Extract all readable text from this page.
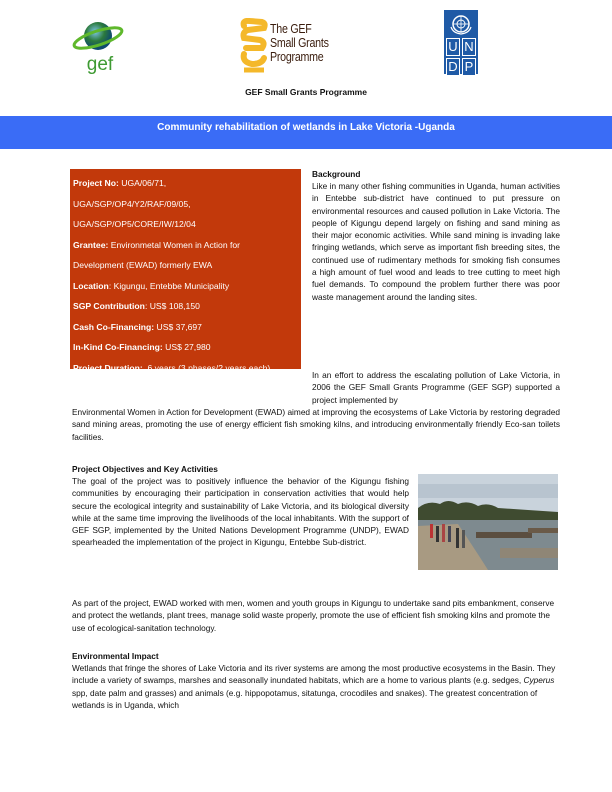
gef
The GEF
Small Grants
Programme
U N
D P
GEF Small Grants Programme
Community rehabilitation of wetlands in Lake Victoria -Uganda
Project No: UGA/06/71,
UGA/SGP/OP4/Y2/RAF/09/05,
UGA/SGP/OP5/CORE/IW/12/04
Grantee: Environmetal Women in Action for
Development (EWAD) formerly EWA
Location: Kigungu, Entebbe Municipality
SGP Contribution: US$ 108,150
Cash Co-Financing: US$ 37,697
In-Kind Co-Financing: US$ 27,980
Project Duration:  6 years (3 phases/2 years each)
Focal area: International Waters
Background
Like in many other fishing communities in Uganda, human activities in Entebbe sub-district have continued to put pressure on environmental resources and caused pollution in Lake Victoria. The people of Kigungu depend largely on fishing and sand mining as their major economic activities. While sand mining is invading lake fringing wetlands, which serve as important fish breeding sites, the continued use of rudimentary methods for smoking fish consumes a high amount of fuel wood and leads to tree cutting to meet high fuel demands. To compound the problem further there was poor waste management around the landing sites.
In an effort to address the escalating pollution of Lake Victoria, in 2006 the GEF Small Grants Programme (GEF SGP) supported a project implemented by
Environmental Women in Action for Development (EWAD) aimed at improving the ecosystems of Lake Victoria by restoring degraded sand mining areas, promoting the use of energy efficient fish smoking kilns, and introducing environmentally friendly Eco-san toilets facilities.
Project Objectives and Key Activities
The goal of the project was to positively influence the behavior of the Kigungu fishing communities by encouraging their participation in conservation activities that would help secure the ecological integrity and sustainability of Lake Victoria, and its biological diversity while at the same time improving the livelihoods of the local inhabitants. With the support of GEF SGP, implemented by the United Nations Development Programme (UNDP), EWAD spearheaded the implementation of the project in Kigungu, Entebbe Sub-district.
As part of the project, EWAD worked with men, women and youth groups in Kigungu to undertake sand pits embankment, conserve and protect the wetlands, plant trees, manage solid waste properly, promote the use of efficient fish smoking kilns and promote the use of ecological-sanitation technology.
Environmental Impact
Wetlands that fringe the shores of Lake Victoria and its river systems are among the most productive ecosystems in the Basin. They include a variety of swamps, marshes and seasonally inundated habitats, which are a home to various plants (e.g. sedges, Cyperus spp, date palm and grasses) and animals (e.g. hippopotamus, sitatunga, crocodiles and snakes). The greatest concentration of wetlands is in Uganda, which
